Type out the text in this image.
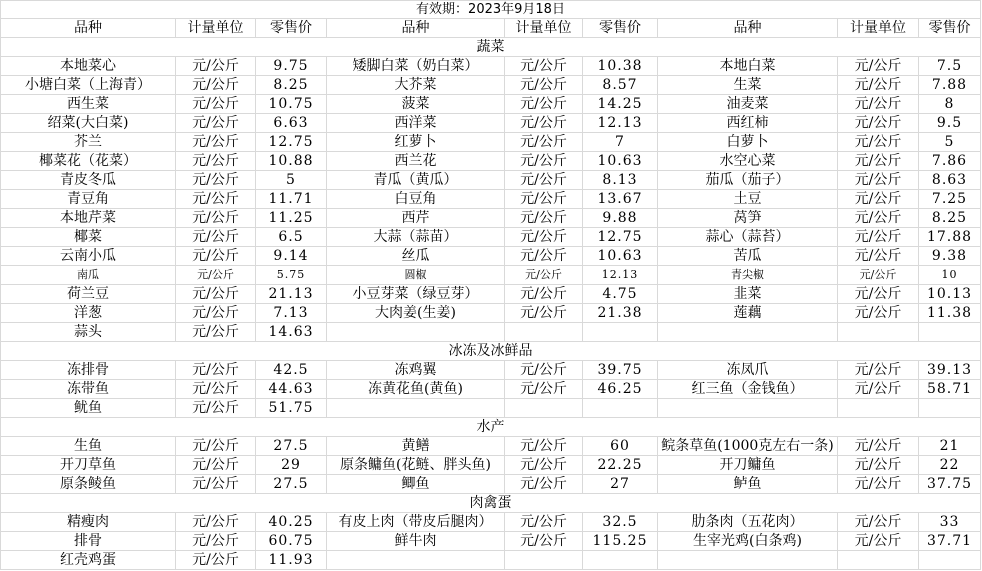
有效期：2023年9月18日								
品种	计量单位	零售价	品种	计量单位	零售价	品种	计量单位	零售价
蔬菜								
本地菜心	元/公斤	9.75	矮脚白菜（奶白菜）	元/公斤	10.38	本地白菜	元/公斤	7.5
小塘白菜（上海青）	元/公斤	8.25	大芥菜	元/公斤	8.57	生菜	元/公斤	7.88
西生菜	元/公斤	10.75	菠菜	元/公斤	14.25	油麦菜	元/公斤	8
绍菜(大白菜)	元/公斤	6.63	西洋菜	元/公斤	12.13	西红柿	元/公斤	9.5
芥兰	元/公斤	12.75	红萝卜	元/公斤	7	白萝卜	元/公斤	5
椰菜花（花菜）	元/公斤	10.88	西兰花	元/公斤	10.63	水空心菜	元/公斤	7.86
青皮冬瓜	元/公斤	5	青瓜（黄瓜）	元/公斤	8.13	茄瓜（茄子）	元/公斤	8.63
青豆角	元/公斤	11.71	白豆角	元/公斤	13.67	土豆	元/公斤	7.25
本地芹菜	元/公斤	11.25	西芹	元/公斤	9.88	莴笋	元/公斤	8.25
椰菜	元/公斤	6.5	大蒜（蒜苗）	元/公斤	12.75	蒜心（蒜苔）	元/公斤	17.88
云南小瓜	元/公斤	9.14	丝瓜	元/公斤	10.63	苦瓜	元/公斤	9.38
南瓜	元/公斤	5.75	圆椒	元/公斤	12.13	青尖椒	元/公斤	10
荷兰豆	元/公斤	21.13	小豆芽菜（绿豆芽）	元/公斤	4.75	韭菜	元/公斤	10.13
洋葱	元/公斤	7.13	大肉姜(生姜)	元/公斤	21.38	莲藕	元/公斤	11.38
蒜头	元/公斤	14.63						
冰冻及冰鲜品								
冻排骨	元/公斤	42.5	冻鸡翼	元/公斤	39.75	冻凤爪	元/公斤	39.13
冻带鱼	元/公斤	44.63	冻黄花鱼(黄鱼)	元/公斤	46.25	红三鱼（金钱鱼）	元/公斤	58.71
鱿鱼	元/公斤	51.75						
水产								
生鱼	元/公斤	27.5	黄鳝	元/公斤	60	鲩条草鱼(1000克左右一条)	元/公斤	21
开刀草鱼	元/公斤	29	原条鳙鱼(花鲢、胖头鱼)	元/公斤	22.25	开刀鳙鱼	元/公斤	22
原条鲮鱼	元/公斤	27.5	鲫鱼	元/公斤	27	鲈鱼	元/公斤	37.75
肉禽蛋								
精瘦肉	元/公斤	40.25	有皮上肉（带皮后腿肉）	元/公斤	32.5	肋条肉（五花肉）	元/公斤	33
排骨	元/公斤	60.75	鲜牛肉	元/公斤	115.25	生宰光鸡(白条鸡)	元/公斤	37.71
红壳鸡蛋	元/公斤	11.93						
